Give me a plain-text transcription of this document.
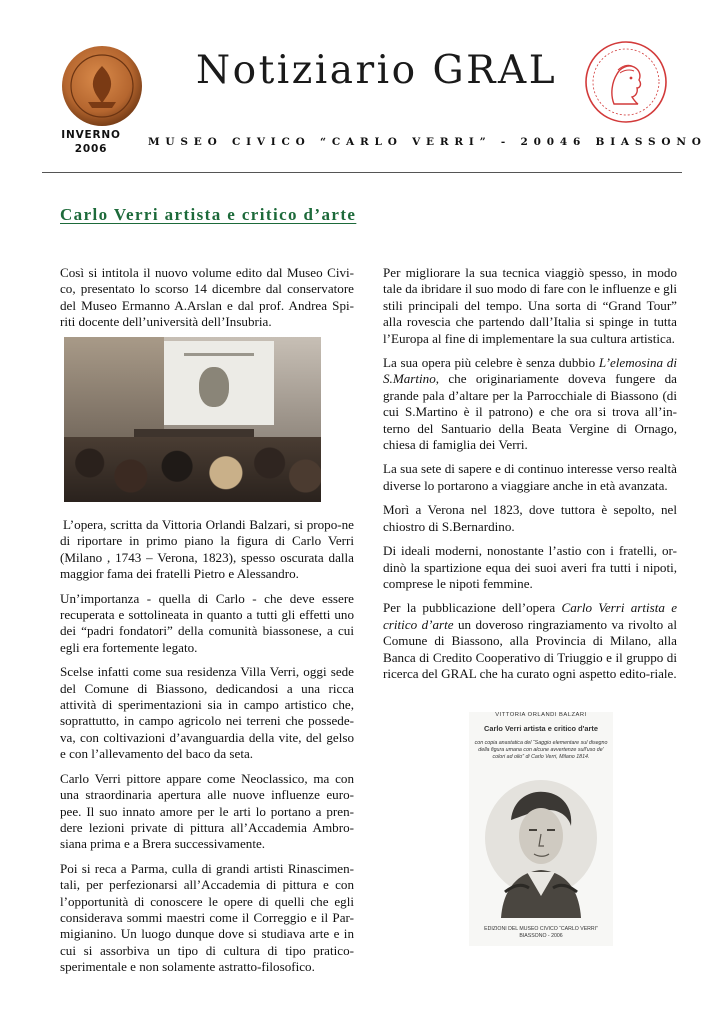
Notiziario GRAL
INVERNO
2006
MUSEO CIVICO “CARLO VERRI” - 20046 BIASSONO
Carlo Verri artista e critico d’arte

Così si intitola il nuovo volume edito dal Museo Civi-co, presentato lo scorso 14 dicembre dal conservatore del Museo Ermanno A.Arslan e dal prof. Andrea Spi-riti docente dell’università dell’Insubria.

L’opera, scritta da Vittoria Orlandi Balzari, si propo-ne di riportare in primo piano la figura di Carlo Verri (Milano , 1743 – Verona, 1823), spesso oscurata dalla maggior fama dei fratelli Pietro e Alessandro.

Un’importanza - quella di Carlo - che deve essere recuperata e sottolineata in quanto a tutti gli effetti uno dei “padri fondatori” della comunità biassonese, a cui egli era fortemente legato.

Scelse infatti come sua residenza Villa Verri, oggi sede del Comune di Biassono, dedicandosi a una ricca attività di sperimentazioni sia in campo artistico che, soprattutto, in campo agricolo nei terreni che possede-va, con coltivazioni d’avanguardia della vite, del gelso e con l’allevamento del baco da seta.

Carlo Verri pittore appare come Neoclassico, ma con una straordinaria apertura alle nuove influenze euro-pee. Il suo innato amore per le arti lo portano a pren-dere lezioni private di pittura all’Accademia Ambro-siana prima e a Brera successivamente.

Poi si reca a Parma, culla di grandi artisti Rinascimen-tali, per perfezionarsi all’Accademia di pittura e con l’opportunità di conoscere le opere di quelli che egli considerava sommi maestri come il Correggio e il Par-migianino. Un luogo dunque dove si studiava arte e in cui si assorbiva un tipo di cultura di tipo pratico-sperimentale e non solamente astratto-filosofico.

Per migliorare la sua tecnica viaggiò spesso, in modo tale da ibridare il suo modo di fare con le influenze e gli stili principali del tempo. Una sorta di “Grand Tour” alla rovescia che partendo dall’Italia si spinge in tutta l’Europa al fine di implementare la sua cultura artistica.

La sua opera più celebre è senza dubbio L’elemosina di S.Martino, che originariamente doveva fungere da grande pala d’altare per la Parrocchiale di Biassono (di cui S.Martino è il patrono) e che ora si trova all’in-terno del Santuario della Beata Vergine di Ornago, chiesa di famiglia dei Verri.

La sua sete di sapere e di continuo interesse verso realtà diverse lo portarono a viaggiare anche in età avanzata.

Morì a Verona nel 1823, dove tuttora è sepolto, nel chiostro di S.Bernardino.

Di ideali moderni, nonostante l’astio con i fratelli, or-dinò la spartizione equa dei suoi averi fra tutti i nipoti, comprese le nipoti femmine.

Per la pubblicazione dell’opera Carlo Verri artista e critico d’arte un doveroso ringraziamento va rivolto al Comune di Biassono, alla Provincia di Milano, alla Banca di Credito Cooperativo di Triuggio e il gruppo di ricerca del GRAL che ha curato ogni aspetto edito-riale.

VITTORIA ORLANDI BALZARI
Carlo Verri artista e critico d'arte
con copia anastatica del “Saggio elementare sul disegno della figura umana con alcune avvertenze sull'uso de' colori ad olio” di Carlo Verri, Milano 1814.
EDIZIONI DEL MUSEO CIVICO “CARLO VERRI”
BIASSONO - 2006
